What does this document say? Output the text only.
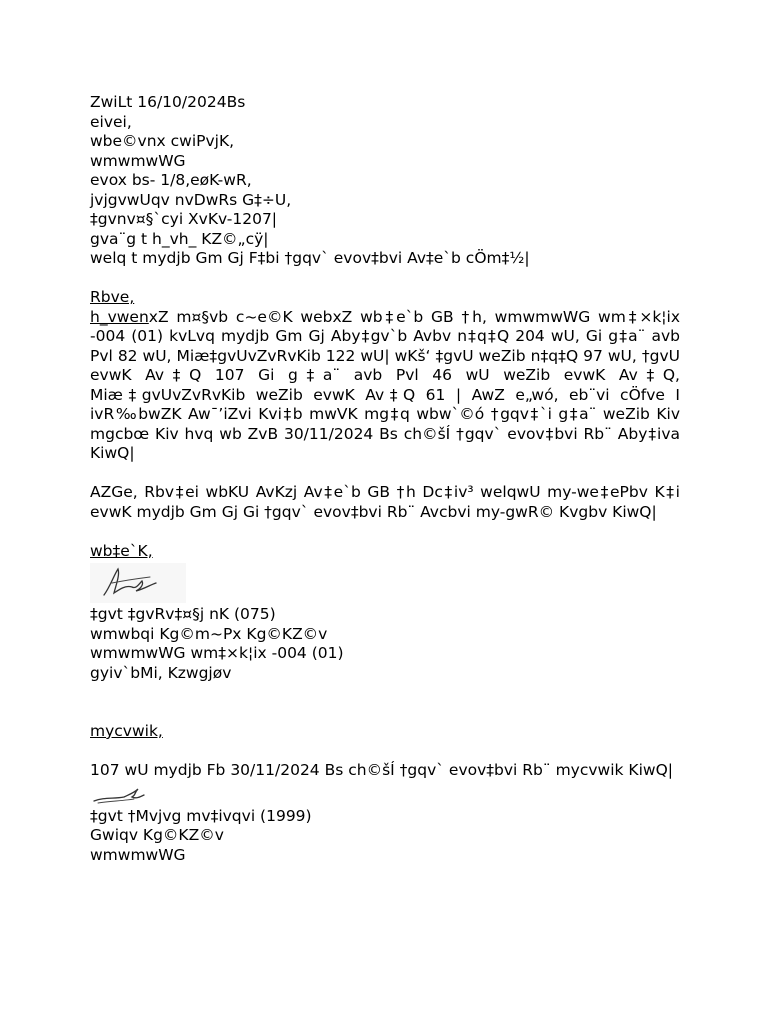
ZwiLt 16/10/2024Bs
eivei,
wbe©vnx cwiPvjK,
wmwmwWG
evox bs- 1/8,eøK-wR,
jvjgvwUqv nvDwRs G‡÷U,
‡gvnv¤§`cyi XvKv-1207|
gva¨g t h_vh_ KZ©„cÿ|
welq t mydjb Gm Gj F‡bi †gqv` evov‡bvi Av‡e`b cÖm‡½|
Rbve,
h_vwenxZ m¤§vb c~e©K webxZ wb‡e`b GB †h, wmwmwWG wm‡×k¦ix -004 (01) kvLvq mydjb Gm Gj Aby‡gv`b Avbv n‡q‡Q 204 wU, Gi g‡a¨ avb Pvl 82 wU, Miæ‡gvUvZvRvKib 122 wU| wKš‘ ‡gvU weZib n‡q‡Q 97 wU, †gvU evwK Av‡Q 107 Gi g‡a¨ avb Pvl 46 wU weZib evwK Av‡Q, Miæ‡gvUvZvRvKib weZib evwK Av‡Q 61 | AwZ e„wó, eb¨vi cÖfve I ivR‰bwZK Aw¯’iZvi Kvi‡b mwVK mg‡q wbw`©ó †gqv‡`i g‡a¨ weZib Kiv mgcbœ Kiv hvq wb ZvB 30/11/2024 Bs ch©šÍ †gqv` evov‡bvi Rb¨ Aby‡iva KiwQ|
AZGe, Rbv‡ei wbKU AvKzj Av‡e`b GB †h Dc‡iv³ welqwU my-we‡ePbv K‡i evwK mydjb Gm Gj Gi †gqv` evov‡bvi Rb¨ Avcbvi my-gwR© Kvgbv KiwQ|
wb‡e`K,
‡gvt ‡gvRv‡¤§j nK (075)
wmwbqi Kg©m~Px Kg©KZ©v
wmwmwWG wm‡×k¦ix -004 (01)
gyiv`bMi, Kzwgjøv
mycvwik,
107 wU mydjb Fb 30/11/2024 Bs ch©šÍ †gqv` evov‡bvi Rb¨ mycvwik KiwQ|
‡gvt †Mvjvg mv‡ivqvi (1999)
Gwiqv Kg©KZ©v
wmwmwWG
